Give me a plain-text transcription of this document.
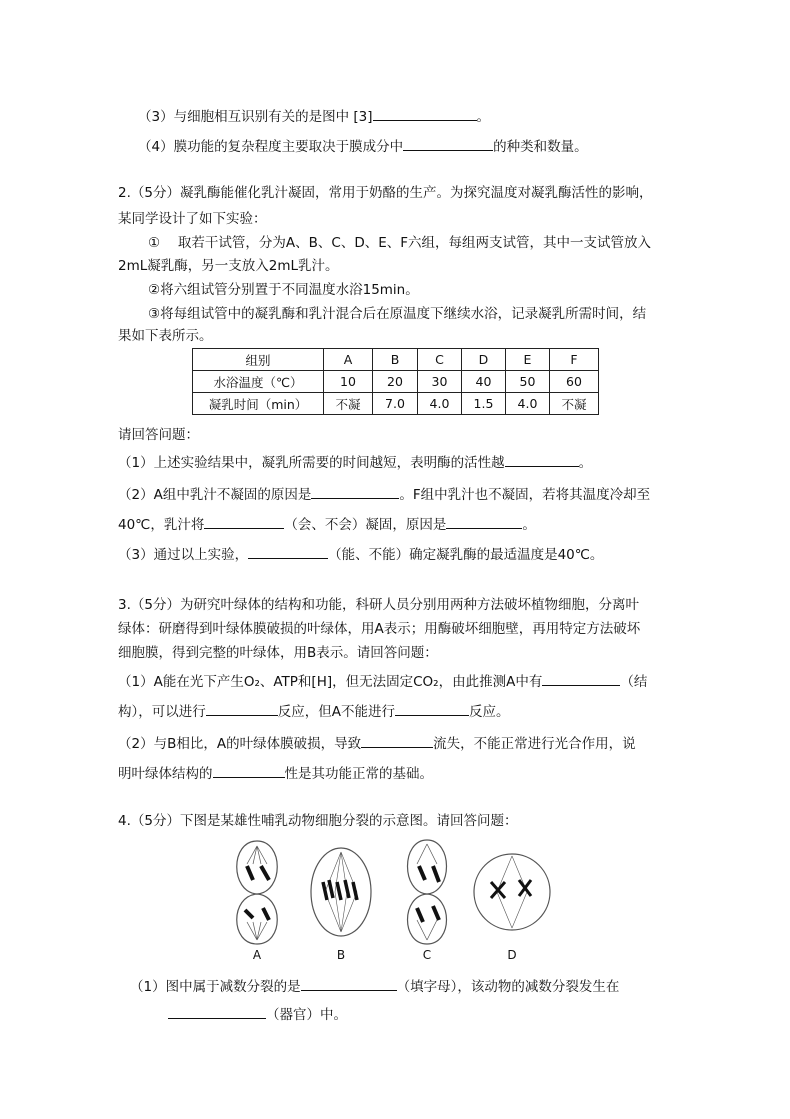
（3）与细胞相互识别有关的是图中 [3]	。
（4）膜功能的复杂程度主要取决于膜成分中	的种类和数量。
2.（5分）凝乳酶能催化乳汁凝固，常用于奶酪的生产。为探究温度对凝乳酶活性的影响，
某同学设计了如下实验：
①　 取若干试管，分为A、B、C、D、E、F六组，每组两支试管，其中一支试管放入
2mL凝乳酶，另一支放入2mL乳汁。
②将六组试管分别置于不同温度水浴15min。
③将每组试管中的凝乳酶和乳汁混合后在原温度下继续水浴，记录凝乳所需时间，结
果如下表所示。
组别	A	B	C	D	E	F
水浴温度（℃）	10	20	30	40	50	60
凝乳时间（min）	不凝	7.0	4.0	1.5	4.0	不凝
请回答问题：
（1）上述实验结果中，凝乳所需要的时间越短，表明酶的活性越	。
（2）A组中乳汁不凝固的原因是	。F组中乳汁也不凝固，若将其温度冷却至
40℃，乳汁将	（会、不会）凝固，原因是	。
（3）通过以上实验，	（能、不能）确定凝乳酶的最适温度是40℃。
3.（5分）为研究叶绿体的结构和功能，科研人员分别用两种方法破坏植物细胞，分离叶
绿体：研磨得到叶绿体膜破损的叶绿体，用A表示；用酶破坏细胞壁，再用特定方法破坏
细胞膜，得到完整的叶绿体，用B表示。请回答问题：
（1）A能在光下产生O₂、ATP和[H]，但无法固定CO₂，由此推测A中有	（结
构），可以进行	反应，但A不能进行	反应。
（2）与B相比，A的叶绿体膜破损，导致	流失，不能正常进行光合作用，说
明叶绿体结构的	性是其功能正常的基础。
4.（5分）下图是某雄性哺乳动物细胞分裂的示意图。请回答问题：
A	B	C	D
（1）图中属于减数分裂的是	（填字母），该动物的减数分裂发生在
（器官）中。
